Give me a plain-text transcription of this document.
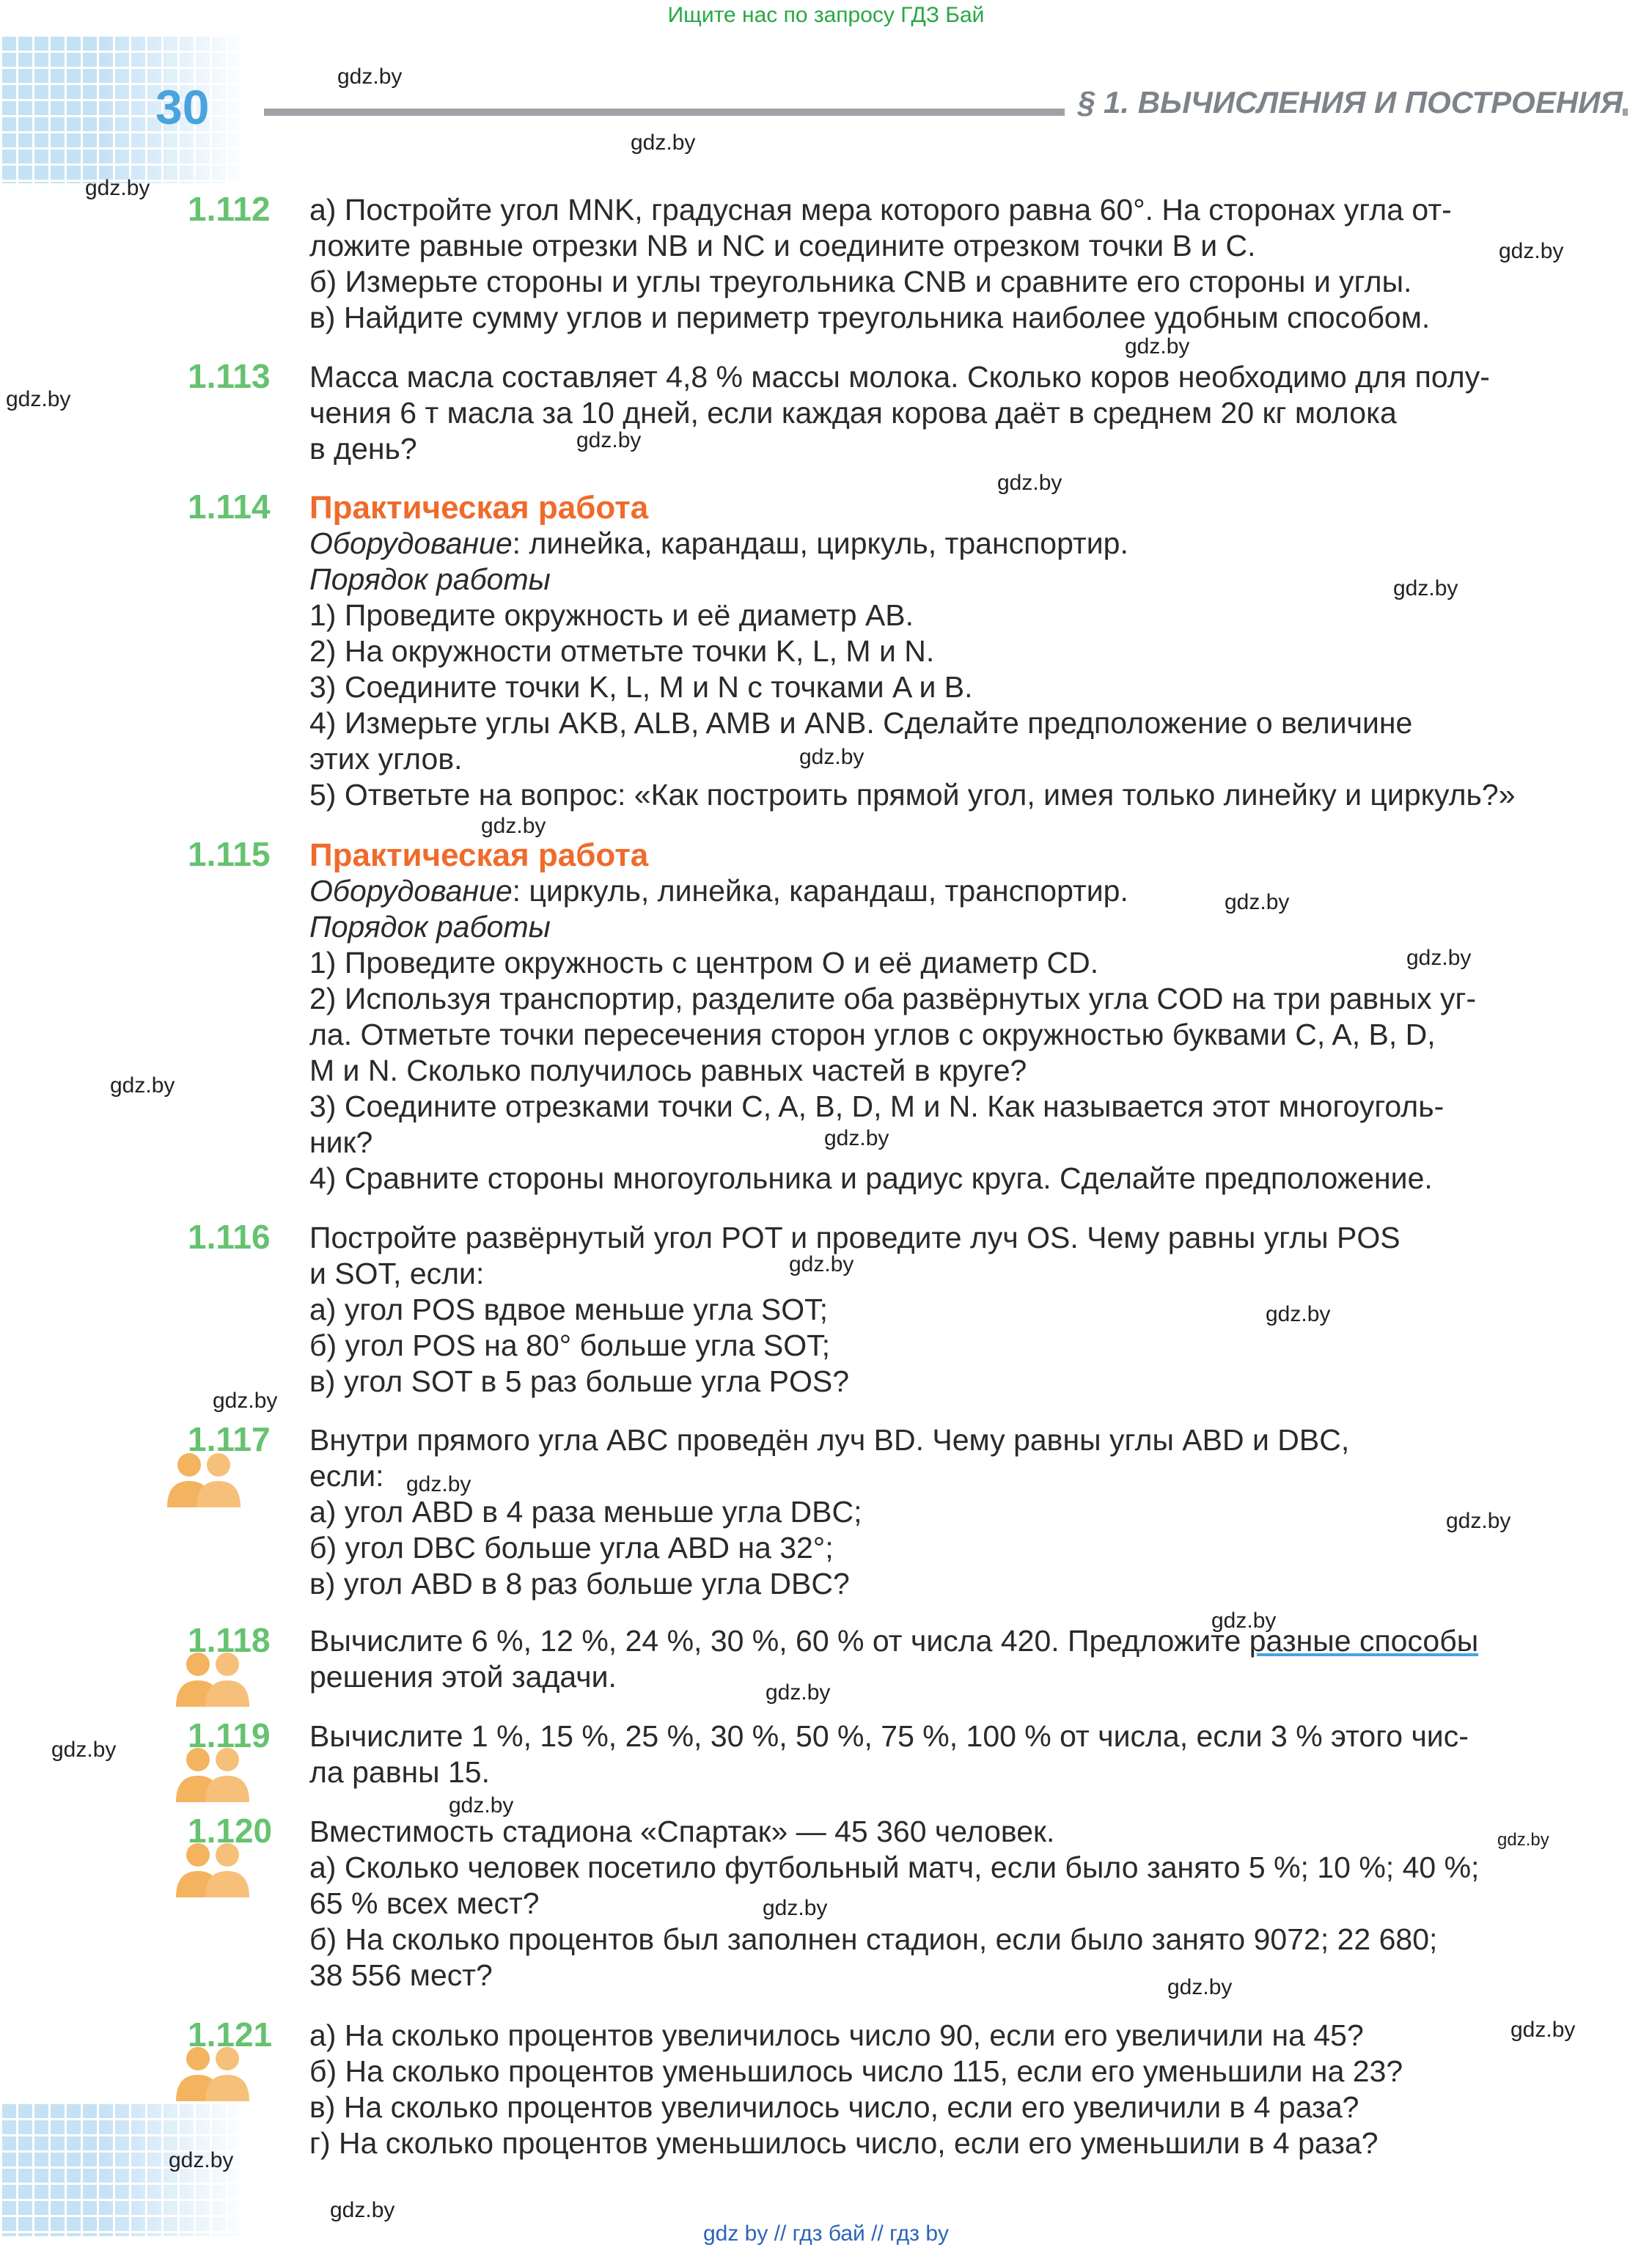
Ищите нас по запросу ГДЗ Бай
30	§ 1. ВЫЧИСЛЕНИЯ И ПОСТРОЕНИЯ
1.112 а) Постройте угол MNK, градусная мера которого равна 60°. На сторонах угла от-
ложите равные отрезки NB и NC и соедините отрезком точки B и C.
б) Измерьте стороны и углы треугольника CNB и сравните его стороны и углы.
в) Найдите сумму углов и периметр треугольника наиболее удобным способом.
1.113 Масса масла составляет 4,8 % массы молока. Сколько коров необходимо для полу-
чения 6 т масла за 10 дней, если каждая корова даёт в среднем 20 кг молока
в день?
1.114 Практическая работа
Оборудование: линейка, карандаш, циркуль, транспортир.
Порядок работы
1) Проведите окружность и её диаметр AB.
2) На окружности отметьте точки K, L, M и N.
3) Соедините точки K, L, M и N с точками A и B.
4) Измерьте углы AKB, ALB, AMB и ANB. Сделайте предположение о величине
этих углов.
5) Ответьте на вопрос: «Как построить прямой угол, имея только линейку и циркуль?»
1.115 Практическая работа
Оборудование: циркуль, линейка, карандаш, транспортир.
Порядок работы
1) Проведите окружность с центром O и её диаметр CD.
2) Используя транспортир, разделите оба развёрнутых угла COD на три равных уг-
ла. Отметьте точки пересечения сторон углов с окружностью буквами C, A, B, D,
M и N. Сколько получилось равных частей в круге?
3) Соедините отрезками точки C, A, B, D, M и N. Как называется этот многоуголь-
ник?
4) Сравните стороны многоугольника и радиус круга. Сделайте предположение.
1.116 Постройте развёрнутый угол POT и проведите луч OS. Чему равны углы POS
и SOT, если:
а) угол POS вдвое меньше угла SOT;
б) угол POS на 80° больше угла SOT;
в) угол SOT в 5 раз больше угла POS?
1.117 Внутри прямого угла ABC проведён луч BD. Чему равны углы ABD и DBC,
если:
а) угол ABD в 4 раза меньше угла DBC;
б) угол DBC больше угла ABD на 32°;
в) угол ABD в 8 раз больше угла DBC?
1.118 Вычислите 6 %, 12 %, 24 %, 30 %, 60 % от числа 420. Предложите разные способы
решения этой задачи.
1.119 Вычислите 1 %, 15 %, 25 %, 30 %, 50 %, 75 %, 100 % от числа, если 3 % этого чис-
ла равны 15.
1.120 Вместимость стадиона «Спартак» — 45 360 человек.
а) Сколько человек посетило футбольный матч, если было занято 5 %; 10 %; 40 %;
65 % всех мест?
б) На сколько процентов был заполнен стадион, если было занято 9072; 22 680;
38 556 мест?
1.121 а) На сколько процентов увеличилось число 90, если его увеличили на 45?
б) На сколько процентов уменьшилось число 115, если его уменьшили на 23?
в) На сколько процентов увеличилось число, если его увеличили в 4 раза?
г) На сколько процентов уменьшилось число, если его уменьшили в 4 раза?
gdz.by
gdz.by
gdz.by
gdz.by
gdz.by
gdz.by
gdz.by
gdz.by
gdz.by
gdz.by
gdz.by
gdz.by
gdz.by
gdz.by
gdz.by
gdz.by
gdz.by
gdz.by
gdz.by
gdz.by
gdz.by
gdz.by
gdz.by
gdz.by
gdz.by
gdz.by
gdz.by
gdz.by
gdz.by
gdz.by
gdz by // гдз бай // гдз by
